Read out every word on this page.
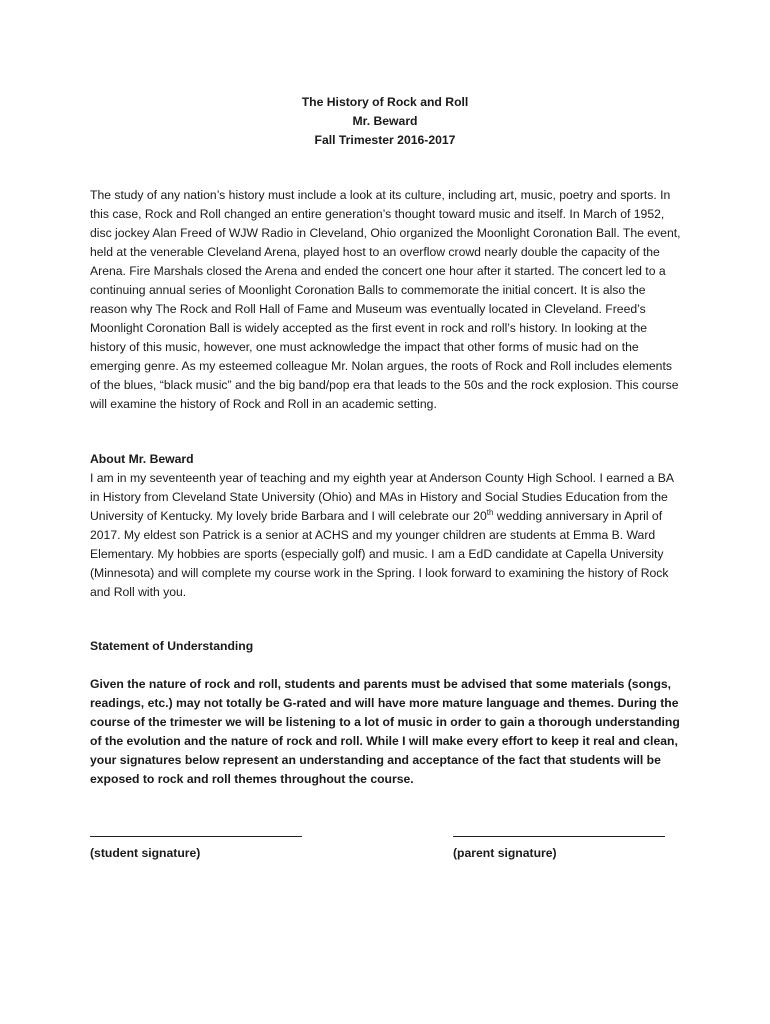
The History of Rock and Roll
Mr. Beward
Fall Trimester 2016-2017

The study of any nation’s history must include a look at its culture, including art, music, poetry and sports. In this case, Rock and Roll changed an entire generation’s thought toward music and itself. In March of 1952, disc jockey Alan Freed of WJW Radio in Cleveland, Ohio organized the Moonlight Coronation Ball. The event, held at the venerable Cleveland Arena, played host to an overflow crowd nearly double the capacity of the Arena. Fire Marshals closed the Arena and ended the concert one hour after it started. The concert led to a continuing annual series of Moonlight Coronation Balls to commemorate the initial concert. It is also the reason why The Rock and Roll Hall of Fame and Museum was eventually located in Cleveland. Freed’s Moonlight Coronation Ball is widely accepted as the first event in rock and roll’s history. In looking at the history of this music, however, one must acknowledge the impact that other forms of music had on the emerging genre. As my esteemed colleague Mr. Nolan argues, the roots of Rock and Roll includes elements of the blues, “black music” and the big band/pop era that leads to the 50s and the rock explosion. This course will examine the history of Rock and Roll in an academic setting.

About Mr. Beward

I am in my seventeenth year of teaching and my eighth year at Anderson County High School. I earned a BA in History from Cleveland State University (Ohio) and MAs in History and Social Studies Education from the University of Kentucky. My lovely bride Barbara and I will celebrate our 20th wedding anniversary in April of 2017. My eldest son Patrick is a senior at ACHS and my younger children are students at Emma B. Ward Elementary. My hobbies are sports (especially golf) and music. I am a EdD candidate at Capella University (Minnesota) and will complete my course work in the Spring. I look forward to examining the history of Rock and Roll with you.

Statement of Understanding

Given the nature of rock and roll, students and parents must be advised that some materials (songs, readings, etc.) may not totally be G-rated and will have more mature language and themes. During the course of the trimester we will be listening to a lot of music in order to gain a thorough understanding of the evolution and the nature of rock and roll. While I will make every effort to keep it real and clean, your signatures below represent an understanding and acceptance of the fact that students will be exposed to rock and roll themes throughout the course.

(student signature)	(parent signature)
